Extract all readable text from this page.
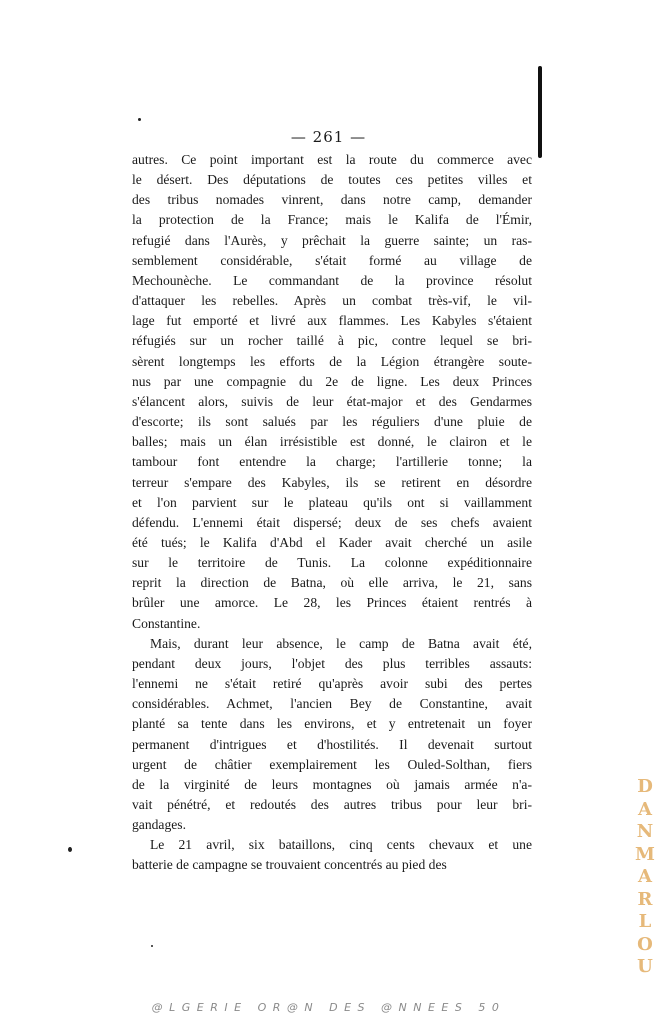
— 261 —
autres. Ce point important est la route du commerce avec
le désert. Des députations de toutes ces petites villes et
des tribus nomades vinrent, dans notre camp, demander
la protection de la France; mais le Kalifa de l'Émir,
refugié dans l'Aurès, y prêchait la guerre sainte; un ras-
semblement considérable, s'était formé au village de
Mechounèche. Le commandant de la province résolut
d'attaquer les rebelles. Après un combat très-vif, le vil-
lage fut emporté et livré aux flammes. Les Kabyles s'étaient
réfugiés sur un rocher taillé à pic, contre lequel se bri-
sèrent longtemps les efforts de la Légion étrangère soute-
nus par une compagnie du 2e de ligne. Les deux Princes
s'élancent alors, suivis de leur état-major et des Gendarmes
d'escorte; ils sont salués par les réguliers d'une pluie de
balles; mais un élan irrésistible est donné, le clairon et le
tambour font entendre la charge; l'artillerie tonne; la
terreur s'empare des Kabyles, ils se retirent en désordre
et l'on parvient sur le plateau qu'ils ont si vaillamment
défendu. L'ennemi était dispersé; deux de ses chefs avaient
été tués; le Kalifa d'Abd el Kader avait cherché un asile
sur le territoire de Tunis. La colonne expéditionnaire
reprit la direction de Batna, où elle arriva, le 21, sans
brûler une amorce. Le 28, les Princes étaient rentrés à
Constantine.
Mais, durant leur absence, le camp de Batna avait été,
pendant deux jours, l'objet des plus terribles assauts:
l'ennemi ne s'était retiré qu'après avoir subi des pertes
considérables. Achmet, l'ancien Bey de Constantine, avait
planté sa tente dans les environs, et y entretenait un foyer
permanent d'intrigues et d'hostilités. Il devenait surtout
urgent de châtier exemplairement les Ouled-Solthan, fiers
de la virginité de leurs montagnes où jamais armée n'a-
vait pénétré, et redoutés des autres tribus pour leur bri-
gandages.
Le 21 avril, six bataillons, cinq cents chevaux et une
batterie de campagne se trouvaient concentrés au pied des
D
A
N
M
A
R
L
O
U
@LGERIE OR@N DES @NNEES 50
